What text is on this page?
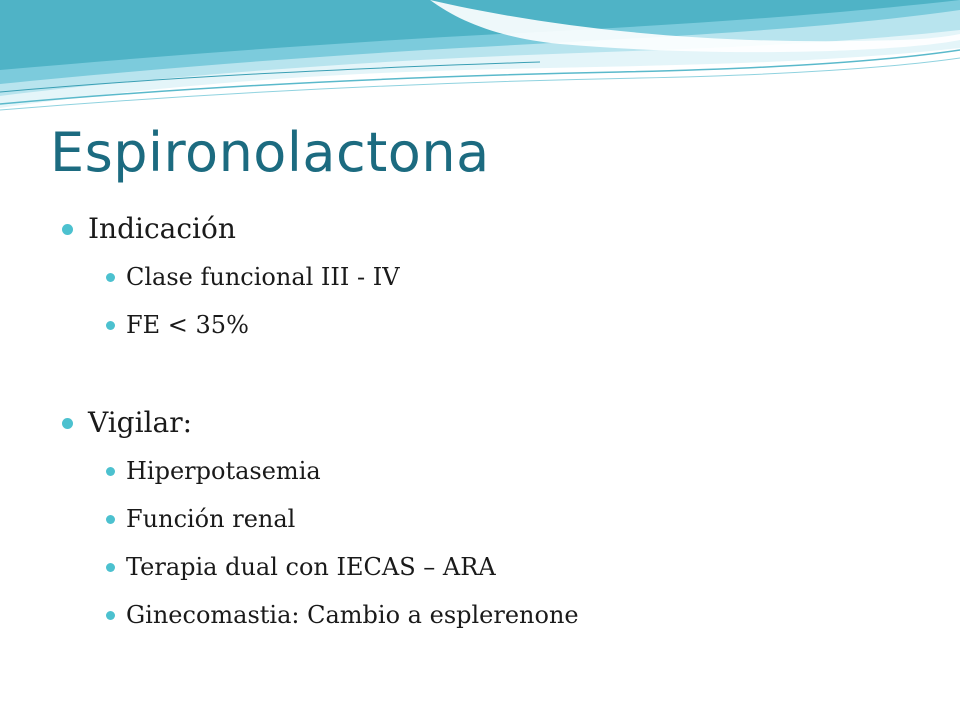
Espironolactona
Indicación
Clase funcional III - IV
FE < 35%
Vigilar:
Hiperpotasemia
Función renal
Terapia dual con IECAS – ARA
Ginecomastia: Cambio a esplerenone
